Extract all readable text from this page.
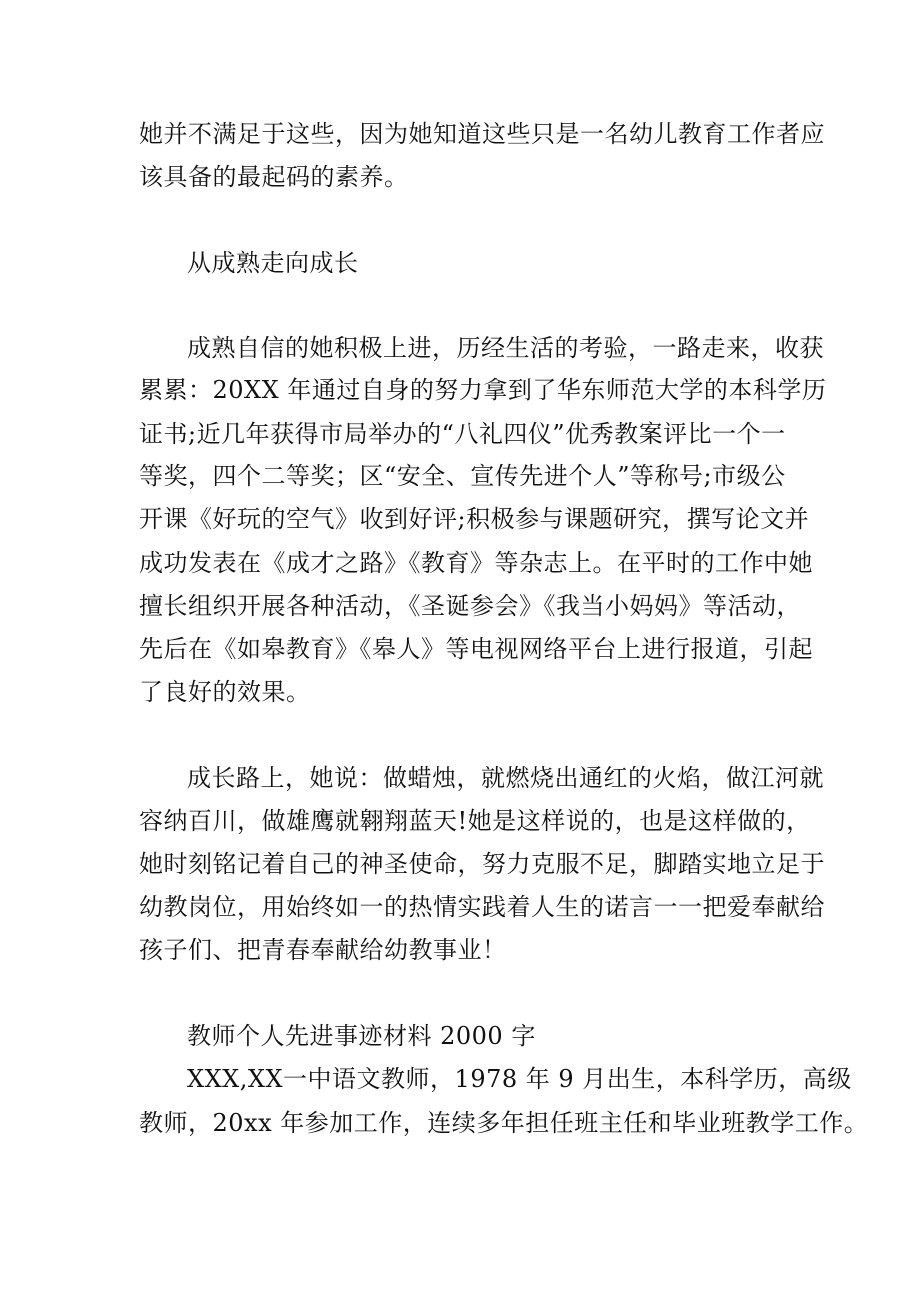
她并不满足于这些，因为她知道这些只是一名幼儿教育工作者应
该具备的最起码的素养。
从成熟走向成长
成熟自信的她积极上进，历经生活的考验，一路走来，收获
累累：20XX 年通过自身的努力拿到了华东师范大学的本科学历
证书;近几年获得市局举办的“八礼四仪”优秀教案评比一个一
等奖，四个二等奖；区“安全、宣传先进个人”等称号;市级公
开课《好玩的空气》收到好评;积极参与课题研究，撰写论文并
成功发表在《成才之路》《教育》等杂志上。在平时的工作中她
擅长组织开展各种活动，《圣诞参会》《我当小妈妈》等活动，
先后在《如皋教育》《皋人》等电视网络平台上进行报道，引起
了良好的效果。
成长路上，她说：做蜡烛，就燃烧出通红的火焰，做江河就
容纳百川，做雄鹰就翱翔蓝天!她是这样说的，也是这样做的，
她时刻铭记着自己的神圣使命，努力克服不足，脚踏实地立足于
幼教岗位，用始终如一的热情实践着人生的诺言一一把爱奉献给
孩子们、把青春奉献给幼教事业！
教师个人先进事迹材料 2000 字
XXX,XX一中语文教师，1978 年 9 月出生，本科学历，高级
教师，20xx 年参加工作，连续多年担任班主任和毕业班教学工作。
